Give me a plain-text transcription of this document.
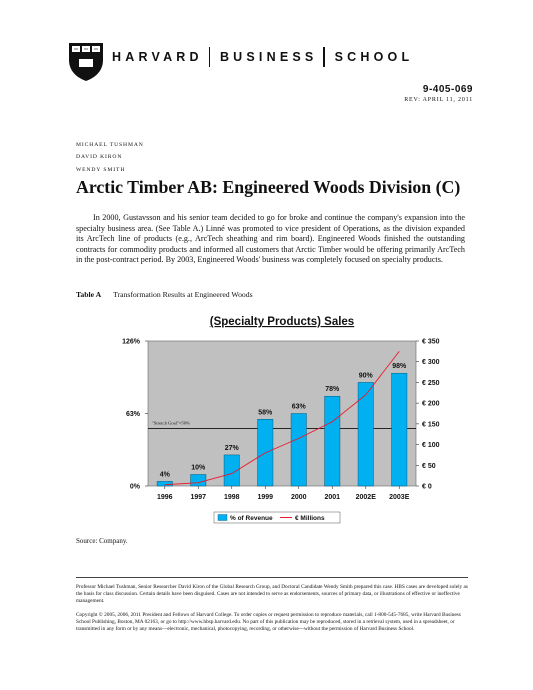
HARVARD BUSINESS SCHOOL
9-405-069
REV: APRIL 11, 2011
MICHAEL TUSHMAN
DAVID KIRON
WENDY SMITH
Arctic Timber AB: Engineered Woods Division (C)
In 2000, Gustavsson and his senior team decided to go for broke and continue the company's expansion into the specialty business area. (See Table A.) Linné was promoted to vice president of Operations, as the division expanded its ArcTech line of products (e.g., ArcTech sheathing and rim board). Engineered Woods finished the outstanding contracts for commodity products and informed all customers that Arctic Timber would be offering primarily ArcTech in the post-contract period. By 2003, Engineered Woods' business was completely focused on specialty products.
Table A Transformation Results at Engineered Woods
(Specialty Products) Sales
"Stretch Goal"=50%
0%
63%
126%
€ 0
€ 50
€ 100
€ 150
€ 200
€ 250
€ 300
€ 350
4%
1996
10%
1997
27%
1998
58%
1999
63%
2000
78%
2001
90%
2002E
98%
2003E
% of Revenue	€ Millions
Source: Company.
Professor Michael Tushman, Senior Researcher David Kiron of the Global Research Group, and Doctoral Candidate Wendy Smith prepared this case. HBS cases are developed solely as the basis for class discussion. Certain details have been disguised. Cases are not intended to serve as endorsements, sources of primary data, or illustrations of effective or ineffective management.
Copyright © 2005, 2006, 2011 President and Fellows of Harvard College. To order copies or request permission to reproduce materials, call 1-800-545-7685, write Harvard Business School Publishing, Boston, MA 02163, or go to http://www.hbsp.harvard.edu. No part of this publication may be reproduced, stored in a retrieval system, used in a spreadsheet, or transmitted in any form or by any means—electronic, mechanical, photocopying, recording, or otherwise—without the permission of Harvard Business School.
